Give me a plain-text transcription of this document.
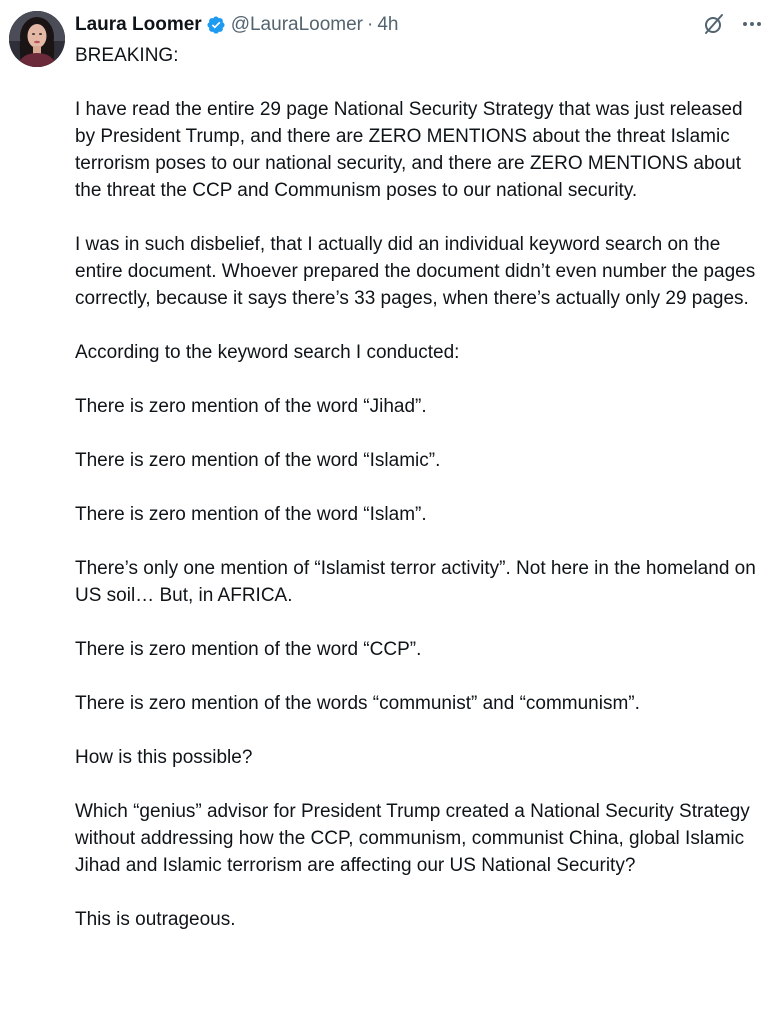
Laura Loomer @LauraLoomer · 4h

BREAKING:

I have read the entire 29 page National Security Strategy that was just released by President Trump, and there are ZERO MENTIONS about the threat Islamic terrorism poses to our national security, and there are ZERO MENTIONS about the threat the CCP and Communism poses to our national security.

I was in such disbelief, that I actually did an individual keyword search on the entire document. Whoever prepared the document didn’t even number the pages correctly, because it says there’s 33 pages, when there’s actually only 29 pages.

According to the keyword search I conducted:

There is zero mention of the word “Jihad”.

There is zero mention of the word “Islamic”.

There is zero mention of the word “Islam”.

There’s only one mention of “Islamist terror activity”. Not here in the homeland on US soil… But, in AFRICA.

There is zero mention of the word “CCP”.

There is zero mention of the words “communist” and “communism”.

How is this possible?

Which “genius” advisor for President Trump created a National Security Strategy without addressing how the CCP, communism, communist China, global Islamic Jihad and Islamic terrorism are affecting our US National Security?

This is outrageous.
